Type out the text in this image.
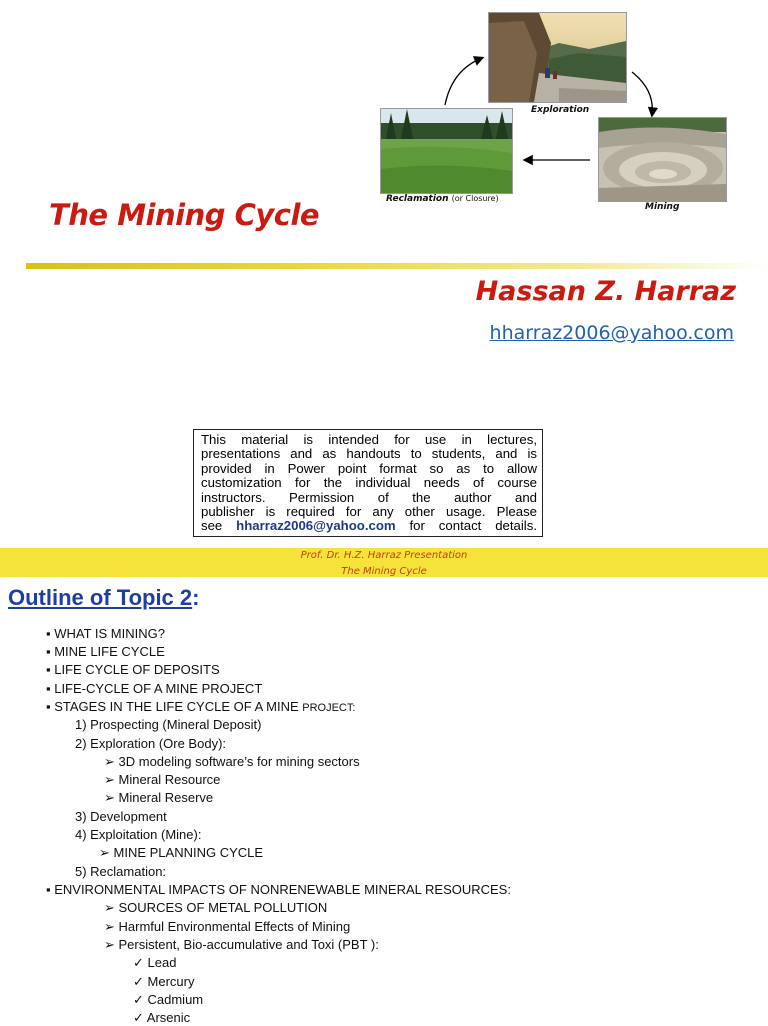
Exploration
Mining
Reclamation (or Closure)
The Mining Cycle
Hassan Z. Harraz
hharraz2006@yahoo.com
This material is intended for use in lectures,
presentations and as handouts to students, and is
provided in Power point format so as to allow
customization for the individual needs of course
instructors. Permission of the author and
publisher is required for any other usage. Please
see hharraz2006@yahoo.com for contact details.
Prof. Dr. H.Z. Harraz Presentation
The Mining Cycle
Outline of Topic 2:
▪ WHAT IS MINING?
▪ MINE LIFE CYCLE
▪ LIFE CYCLE OF DEPOSITS
▪ LIFE-CYCLE OF A MINE PROJECT
▪ STAGES IN THE LIFE CYCLE OF A MINE PROJECT:
1) Prospecting (Mineral Deposit)
2) Exploration (Ore Body):
➢ 3D modeling software’s for mining sectors
➢ Mineral Resource
➢ Mineral Reserve
3) Development
4) Exploitation (Mine):
➢ MINE PLANNING CYCLE
5) Reclamation:
▪ ENVIRONMENTAL IMPACTS OF NONRENEWABLE MINERAL RESOURCES:
➢ SOURCES OF METAL POLLUTION
➢ Harmful Environmental Effects of Mining
➢ Persistent, Bio-accumulative and Toxi (PBT ):
✓ Lead
✓ Mercury
✓ Cadmium
✓ Arsenic
